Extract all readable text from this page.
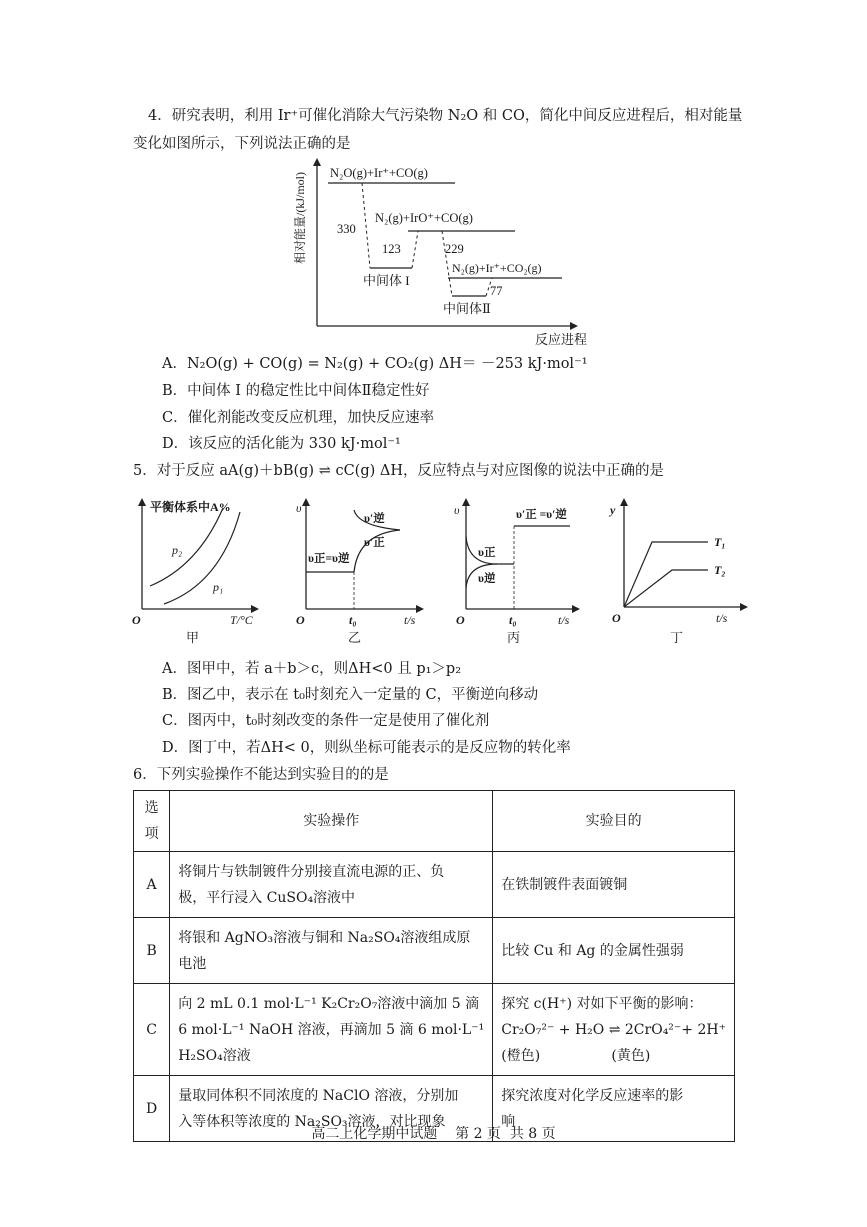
4．研究表明，利用 Ir⁺可催化消除大气污染物 N₂O 和 CO，简化中间反应进程后，相对能量
变化如图所示，下列说法正确的是
相对能量/(kJ/mol)
反应进程
N₂O(g)+Ir⁺+CO(g)
N₂(g)+IrO⁺+CO(g)
N₂(g)+Ir⁺+CO₂(g)
330
123	229
77
中间体 I
中间体Ⅱ
A．N₂O(g) + CO(g) = N₂(g) + CO₂(g) ΔH＝ －253 kJ·mol⁻¹
B．中间体 I 的稳定性比中间体Ⅱ稳定性好
C．催化剂能改变反应机理，加快反应速率
D．该反应的活化能为 330 kJ·mol⁻¹
5．对于反应 aA(g)＋bB(g) ⇌ cC(g) ΔH，反应特点与对应图像的说法中正确的是
平衡体系中A%
p₂
p₁
O	T/°C
甲
υ
υ正=υ逆
υ′逆
υ′正
O	t₀	t/s
乙
υ	υ′正 =υ′逆
υ正
υ逆
O	t₀	t/s
丙
y
T₁
T₂
O	t/s
丁
A．图甲中，若 a＋b＞c，则ΔH<0 且 p₁＞p₂
B．图乙中，表示在 t₀时刻充入一定量的 C，平衡逆向移动
C．图丙中，t₀时刻改变的条件一定是使用了催化剂
D．图丁中，若ΔH< 0，则纵坐标可能表示的是反应物的转化率
6．下列实验操作不能达到实验目的的是
选项	实验操作	实验目的
A	将铜片与铁制镀件分别接直流电源的正、负
极，平行浸入 CuSO₄溶液中	在铁制镀件表面镀铜

B	将银和 AgNO₃溶液与铜和 Na₂SO₄溶液组成原
电池	比较 Cu 和 Ag 的金属性强弱

C	向 2 mL 0.1 mol·L⁻¹ K₂Cr₂O₇溶液中滴加 5 滴
6 mol·L⁻¹ NaOH 溶液，再滴加 5 滴 6 mol·L⁻¹
H₂SO₄溶液	探究 c(H⁺) 对如下平衡的影响：
Cr₂O₇²⁻ + H₂O ⇌ 2CrO₄²⁻+ 2H⁺
(橙色)                (黄色)

D	量取同体积不同浓度的 NaClO 溶液，分别加
入等体积等浓度的 Na₂SO₃溶液，对比现象	探究浓度对化学反应速率的影
响
高二上化学期中试题    第 2 页  共 8 页
